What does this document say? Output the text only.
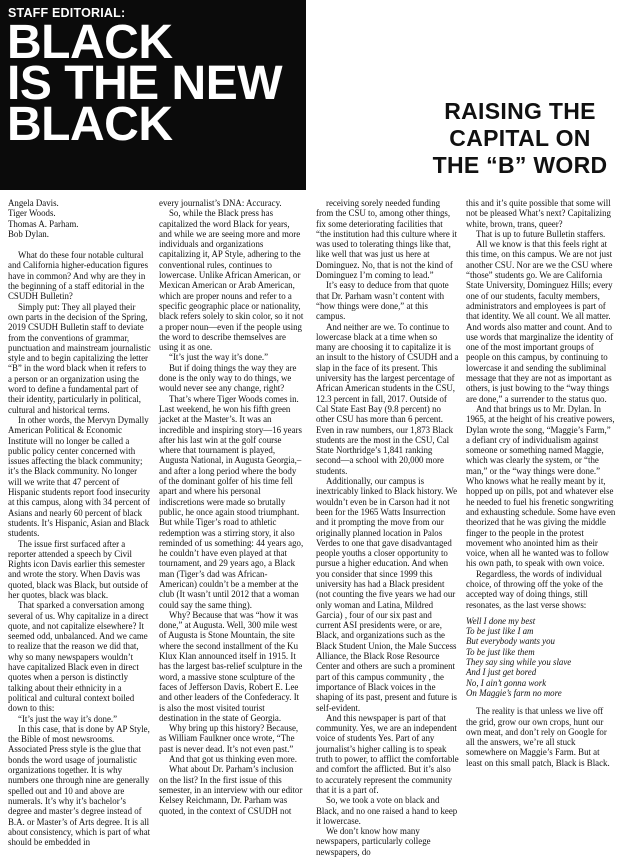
STAFF EDITORIAL:
BLACK
IS THE NEW
BLACK	RAISING THE
CAPITAL ON
THE “B” WORD
Angela Davis.
Tiger Woods.
Thomas A. Parham.
Bob Dylan.

What do these four notable cultural and California higher-education figures have in common? And why are they in the beginning of a staff editorial in the CSUDH Bulletin?

Simply put: They all played their own parts in the decision of the Spring, 2019 CSUDH Bulletin staff to deviate from the conventions of grammar, punctuation and mainstream journalistic style and to begin capitalizing the letter “B” in the word black when it refers to a person or an organization using the word to define a fundamental part of their identity, particularly in political, cultural and historical terms.

In other words, the Mervyn Dymally American Political & Economic Institute will no longer be called a public policy center concerned with issues affecting the black community; it’s the Black community. No longer will we write that 47 percent of Hispanic students report food insecurity at this campus, along with 34 percent of Asians and nearly 60 percent of black students. It’s Hispanic, Asian and Black students.

The issue first surfaced after a reporter attended a speech by Civil Rights icon Davis earlier this semester and wrote the story. When Davis was quoted, black was Black, but outside of her quotes, black was black.

That sparked a conversation among several of us. Why capitalize in a direct quote, and not capitalize elsewhere? It seemed odd, unbalanced. And we came to realize that the reason we did that, why so many newspapers wouldn’t have capitalized Black even in direct quotes when a person is distinctly talking about their ethnicity in a political and cultural context boiled down to this:

“It’s just the way it’s done.”

In this case, that is done by AP Style, the Bible of most newsrooms. Associated Press style is the glue that bonds the word usage of journalistic organizations together. It is why numbers one through nine are generally spelled out and 10 and above are numerals. It’s why it’s bachelor’s degree and master’s degree instead of B.A. or Master’s of Arts degree. It is all about consistency, which is part of what should be embedded in

every journalist’s DNA: Accuracy.

So, while the Black press has capitalized the word Black for years, and while we are seeing more and more individuals and organizations capitalizing it, AP Style, adhering to the conventional rules, continues to lowercase. Unlike African American, or Mexican American or Arab American, which are proper nouns and refer to a specific geographic place or nationality, black refers solely to skin color, so it not a proper noun—even if the people using the word to describe themselves are using it as one.

“It’s just the way it’s done.”

But if doing things the way they are done is the only way to do things, we would never see any change, right?

That’s where Tiger Woods comes in. Last weekend, he won his fifth green jacket at the Master’s. It was an incredible and inspiring story—16 years after his last win at the golf course where that tournament is played, Augusta National, in Augusta Georgia,–and after a long period where the body of the dominant golfer of his time fell apart and where his personal indiscretions were made so brutally public, he once again stood triumphant. But while Tiger’s road to athletic redemption was a stirring story, it also reminded of us something: 44 years ago, he couldn’t have even played at that tournament, and 29 years ago, a Black man (Tiger’s dad was African-American) couldn’t be a member at the club (It wasn’t until 2012 that a woman could say the same thing).

Why? Because that was “how it was done,” at Augusta. Well, 300 mile west of Augusta is Stone Mountain, the site where the second installment of the Ku Klux Klan announced itself in 1915. It has the largest bas-relief sculpture in the word, a massive stone sculpture of the faces of Jefferson Davis, Robert E. Lee and other leaders of the Confederacy. It is also the most visited tourist destination in the state of Georgia.

Why bring up this history? Because, as William Faulkner once wrote, “The past is never dead. It’s not even past.”

And that got us thinking even more.

What about Dr. Parham’s inclusion on the list? In the first issue of this semester, in an interview with our editor Kelsey Reichmann, Dr. Parham was quoted, in the context of CSUDH not

receiving sorely needed funding from the CSU to, among other things, fix some deteriorating facilities that “the institution had this culture where it was used to tolerating things like that, like well that was just us here at Dominguez. No, that is not the kind of Dominguez I’m coming to lead.”

It’s easy to deduce from that quote that Dr. Parham wasn’t content with “how things were done,” at this campus.

And neither are we. To continue to lowercase black at a time when so many are choosing it to capitalize it is an insult to the history of CSUDH and a slap in the face of its present. This university has the largest percentage of African American students in the CSU, 12.3 percent in fall, 2017. Outside of Cal State East Bay (9.8 percent) no other CSU has more than 6 percent. Even in raw numbers, our 1,873 Black students are the most in the CSU, Cal State Northridge’s 1,841 ranking second—a school with 20,000 more students.

Additionally, our campus is inextricably linked to Black history. We wouldn’t even be in Carson had it not been for the 1965 Watts Insurrection and it prompting the move from our originally planned location in Palos Verdes to one that gave disadvantaged people youths a closer opportunity to pursue a higher education. And when you consider that since 1999 this university has had a Black president (not counting the five years we had our only woman and Latina, Mildred Garcia) , four of our six past and current ASI presidents were, or are, Black, and organizations such as the Black Student Union, the Male Success Alliance, the Black Rose Resource Center and others are such a prominent part of this campus community , the importance of Black voices in the shaping of its past, present and future is self-evident.

And this newspaper is part of that community. Yes, we are an independent voice of students Yes. Part of any journalist’s higher calling is to speak truth to power, to afflict the comfortable and comfort the afflicted. But it’s also to accurately represent the community that it is a part of.

So, we took a vote on black and Black, and no one raised a hand to keep it lowercase.

We don’t know how many newspapers, particularly college newspapers, do

this and it’s quite possible that some will not be pleased What’s next? Capitalizing white, brown, trans, queer?

That is up to future Bulletin staffers.

All we know is that this feels right at this time, on this campus. We are not just another CSU. Nor are we the CSU where “those” students go. We are California State University, Dominguez Hills; every one of our students, faculty members, administrators and employees is part of that identity. We all count. We all matter. And words also matter and count. And to use words that marginalize the identity of one of the most important groups of people on this campus, by continuing to lowercase it and sending the subliminal message that they are not as important as others, is just bowing to the “way things are done,” a surrender to the status quo.

And that brings us to Mr. Dylan. In 1965, at the height of his creative powers, Dylan wrote the song, “Maggie’s Farm,” a defiant cry of individualism against someone or something named Maggie, which was clearly the system, or “the man,” or the “way things were done.” Who knows what he really meant by it, hopped up on pills, pot and whatever else he needed to fuel his frenetic songwriting and exhausting schedule. Some have even theorized that he was giving the middle finger to the people in the protest movement who anointed him as their voice, when all he wanted was to follow his own path, to speak with own voice.

Regardless, the words of individual choice, of throwing off the yoke of the accepted way of doing things, still resonates, as the last verse shows:

Well I done my best
To be just like I am
But everybody wants you
To be just like them
They say sing while you slave
And I just get bored
No, I ain’t gonna work
On Maggie’s farm no more

The reality is that unless we live off the grid, grow our own crops, hunt our own meat, and don’t rely on Google for all the answers, we’re all stuck somewhere on Maggie’s Farm. But at least on this small patch, Black is Black.
